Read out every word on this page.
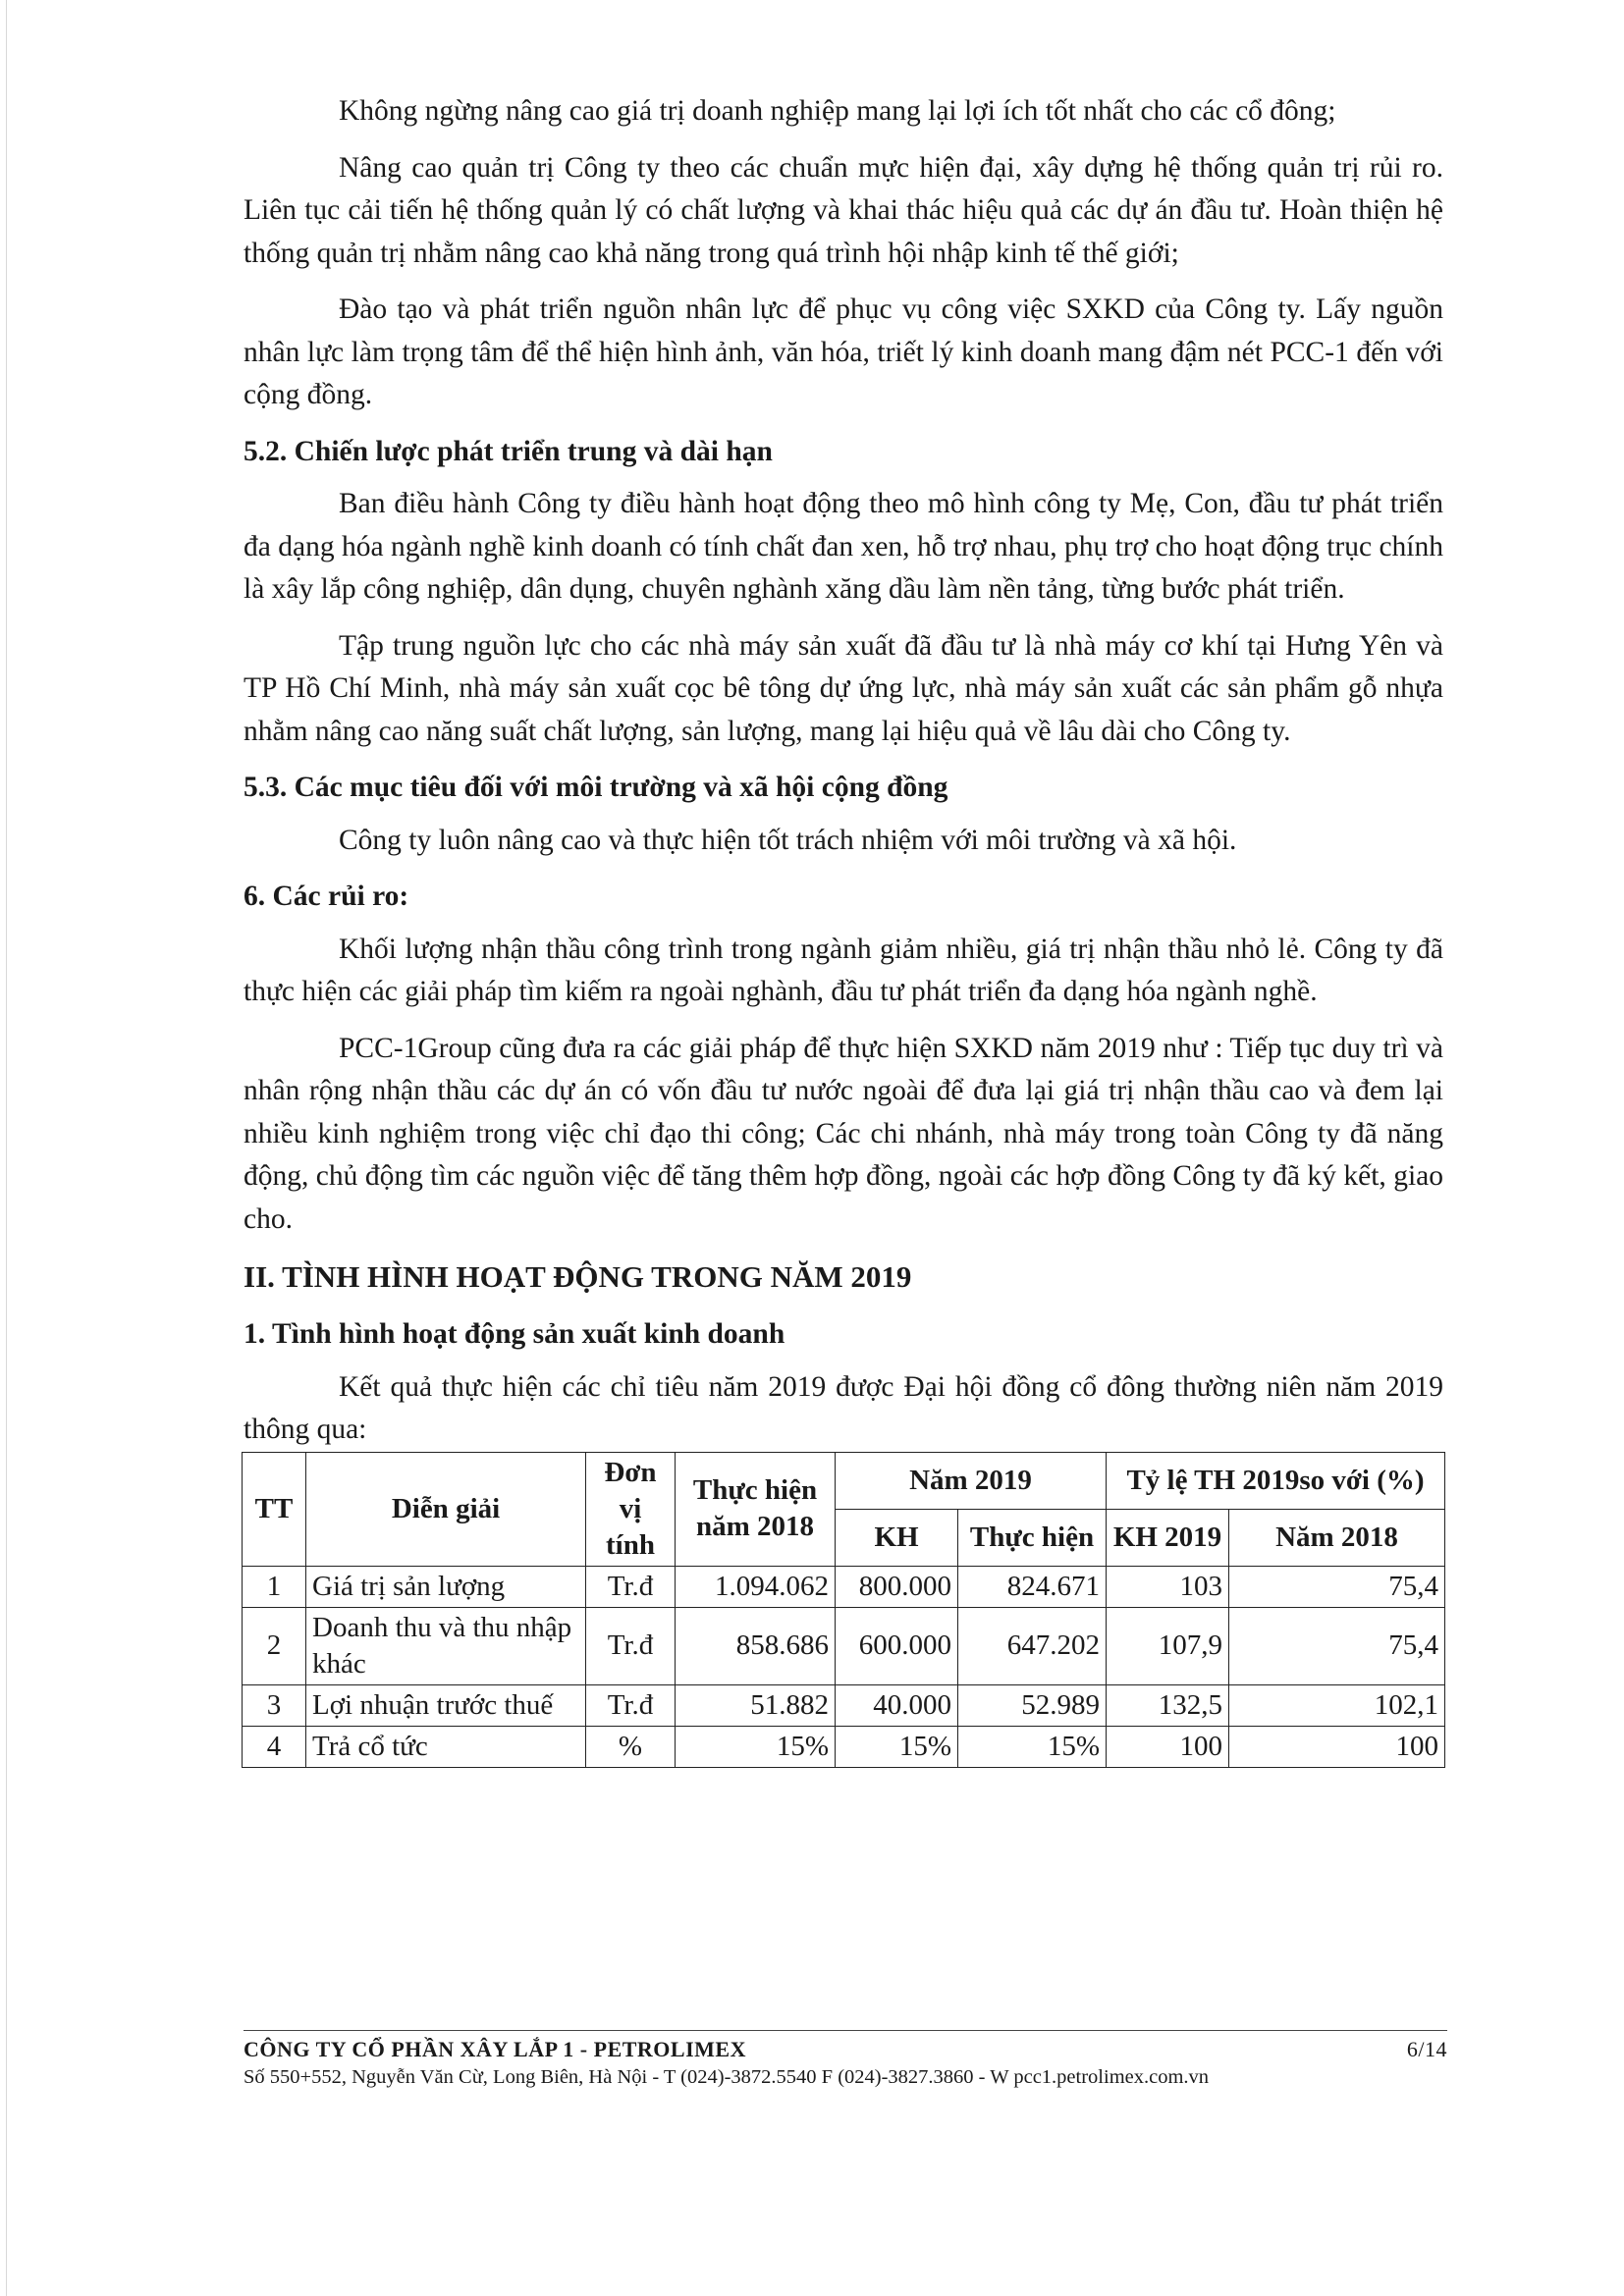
Không ngừng nâng cao giá trị doanh nghiệp mang lại lợi ích tốt nhất cho các cổ đông;

Nâng cao quản trị Công ty theo các chuẩn mực hiện đại, xây dựng hệ thống quản trị rủi ro. Liên tục cải tiến hệ thống quản lý có chất lượng và khai thác hiệu quả các dự án đầu tư. Hoàn thiện hệ thống quản trị nhằm nâng cao khả năng trong quá trình hội nhập kinh tế thế giới;

Đào tạo và phát triển nguồn nhân lực để phục vụ công việc SXKD của Công ty. Lấy nguồn nhân lực làm trọng tâm để thể hiện hình ảnh, văn hóa, triết lý kinh doanh mang đậm nét PCC-1 đến với cộng đồng.

5.2. Chiến lược phát triển trung và dài hạn

Ban điều hành Công ty điều hành hoạt động theo mô hình công ty Mẹ, Con, đầu tư phát triển đa dạng hóa ngành nghề kinh doanh có tính chất đan xen, hỗ trợ nhau, phụ trợ cho hoạt động trục chính là xây lắp công nghiệp, dân dụng, chuyên nghành xăng dầu làm nền tảng, từng bước phát triển.

Tập trung nguồn lực cho các nhà máy sản xuất đã đầu tư là nhà máy cơ khí tại Hưng Yên và TP Hồ Chí Minh, nhà máy sản xuất cọc bê tông dự ứng lực, nhà máy sản xuất các sản phẩm gỗ nhựa nhằm nâng cao năng suất chất lượng, sản lượng, mang lại hiệu quả về lâu dài cho Công ty.

5.3. Các mục tiêu đối với môi trường và xã hội cộng đồng

Công ty luôn nâng cao và thực hiện tốt trách nhiệm với môi trường và xã hội.

6. Các rủi ro:

Khối lượng nhận thầu công trình trong ngành giảm nhiều, giá trị nhận thầu nhỏ lẻ. Công ty đã thực hiện các giải pháp tìm kiếm ra ngoài nghành, đầu tư phát triển đa dạng hóa ngành nghề.

PCC-1Group cũng đưa ra các giải pháp để thực hiện SXKD năm 2019 như : Tiếp tục duy trì và nhân rộng nhận thầu các dự án có vốn đầu tư nước ngoài để đưa lại giá trị nhận thầu cao và đem lại nhiều kinh nghiệm trong việc chỉ đạo thi công; Các chi nhánh, nhà máy trong toàn Công ty đã năng động, chủ động tìm các nguồn việc để tăng thêm hợp đồng, ngoài các hợp đồng Công ty đã ký kết, giao cho.

II. TÌNH HÌNH HOẠT ĐỘNG TRONG NĂM 2019
1. Tình hình hoạt động sản xuất kinh doanh

Kết quả thực hiện các chỉ tiêu năm 2019 được Đại hội đồng cổ đông thường niên năm 2019 thông qua:

TT	Diễn giải	Đơn vị tính	Thực hiện năm 2018	Năm 2019		Tỷ lệ TH 2019so với (%)	
				KH	Thực hiện	KH 2019	Năm 2018
1	Giá trị sản lượng	Tr.đ	1.094.062	800.000	824.671	103	75,4
2	Doanh thu và thu nhập khác	Tr.đ	858.686	600.000	647.202	107,9	75,4
3	Lợi nhuận trước thuế	Tr.đ	51.882	40.000	52.989	132,5	102,1
4	Trả cổ tức	%	15%	15%	15%	100	100
CÔNG TY CỔ PHẦN XÂY LẮP 1 - PETROLIMEX	6/14
Số 550+552, Nguyễn Văn Cừ, Long Biên, Hà Nội - T (024)-3872.5540 F (024)-3827.3860 - W pcc1.petrolimex.com.vn
